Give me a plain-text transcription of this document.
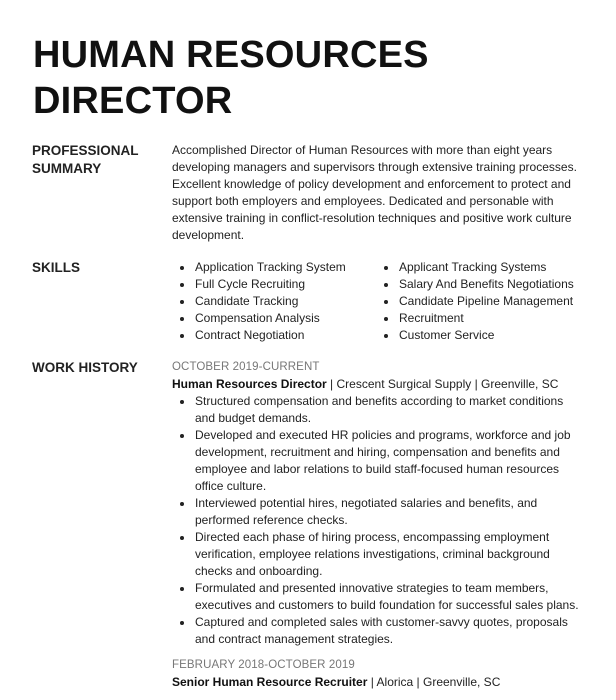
HUMAN RESOURCES
DIRECTOR
PROFESSIONAL
SUMMARY

Accomplished Director of Human Resources with more than eight years developing managers and supervisors through extensive training processes. Excellent knowledge of policy development and enforcement to protect and support both employers and employees. Dedicated and personable with extensive training in conflict-resolution techniques and positive work culture development.

SKILLS	Application Tracking System
Full Cycle Recruiting
Candidate Tracking
Compensation Analysis
Contract Negotiation
Applicant Tracking Systems
Salary And Benefits Negotiations
Candidate Pipeline Management
Recruitment
Customer Service
WORK HISTORY	OCTOBER 2019-CURRENT

Human Resources Director | Crescent Surgical Supply | Greenville, SC

Structured compensation and benefits according to market conditions and budget demands.
Developed and executed HR policies and programs, workforce and job development, recruitment and hiring, compensation and benefits and employee and labor relations to build staff-focused human resources office culture.
Interviewed potential hires, negotiated salaries and benefits, and performed reference checks.
Directed each phase of hiring process, encompassing employment verification, employee relations investigations, criminal background checks and onboarding.
Formulated and presented innovative strategies to team members, executives and customers to build foundation for successful sales plans.
Captured and completed sales with customer-savvy quotes, proposals and contract management strategies.

FEBRUARY 2018-OCTOBER 2019

Senior Human Resource Recruiter | Alorica | Greenville, SC
